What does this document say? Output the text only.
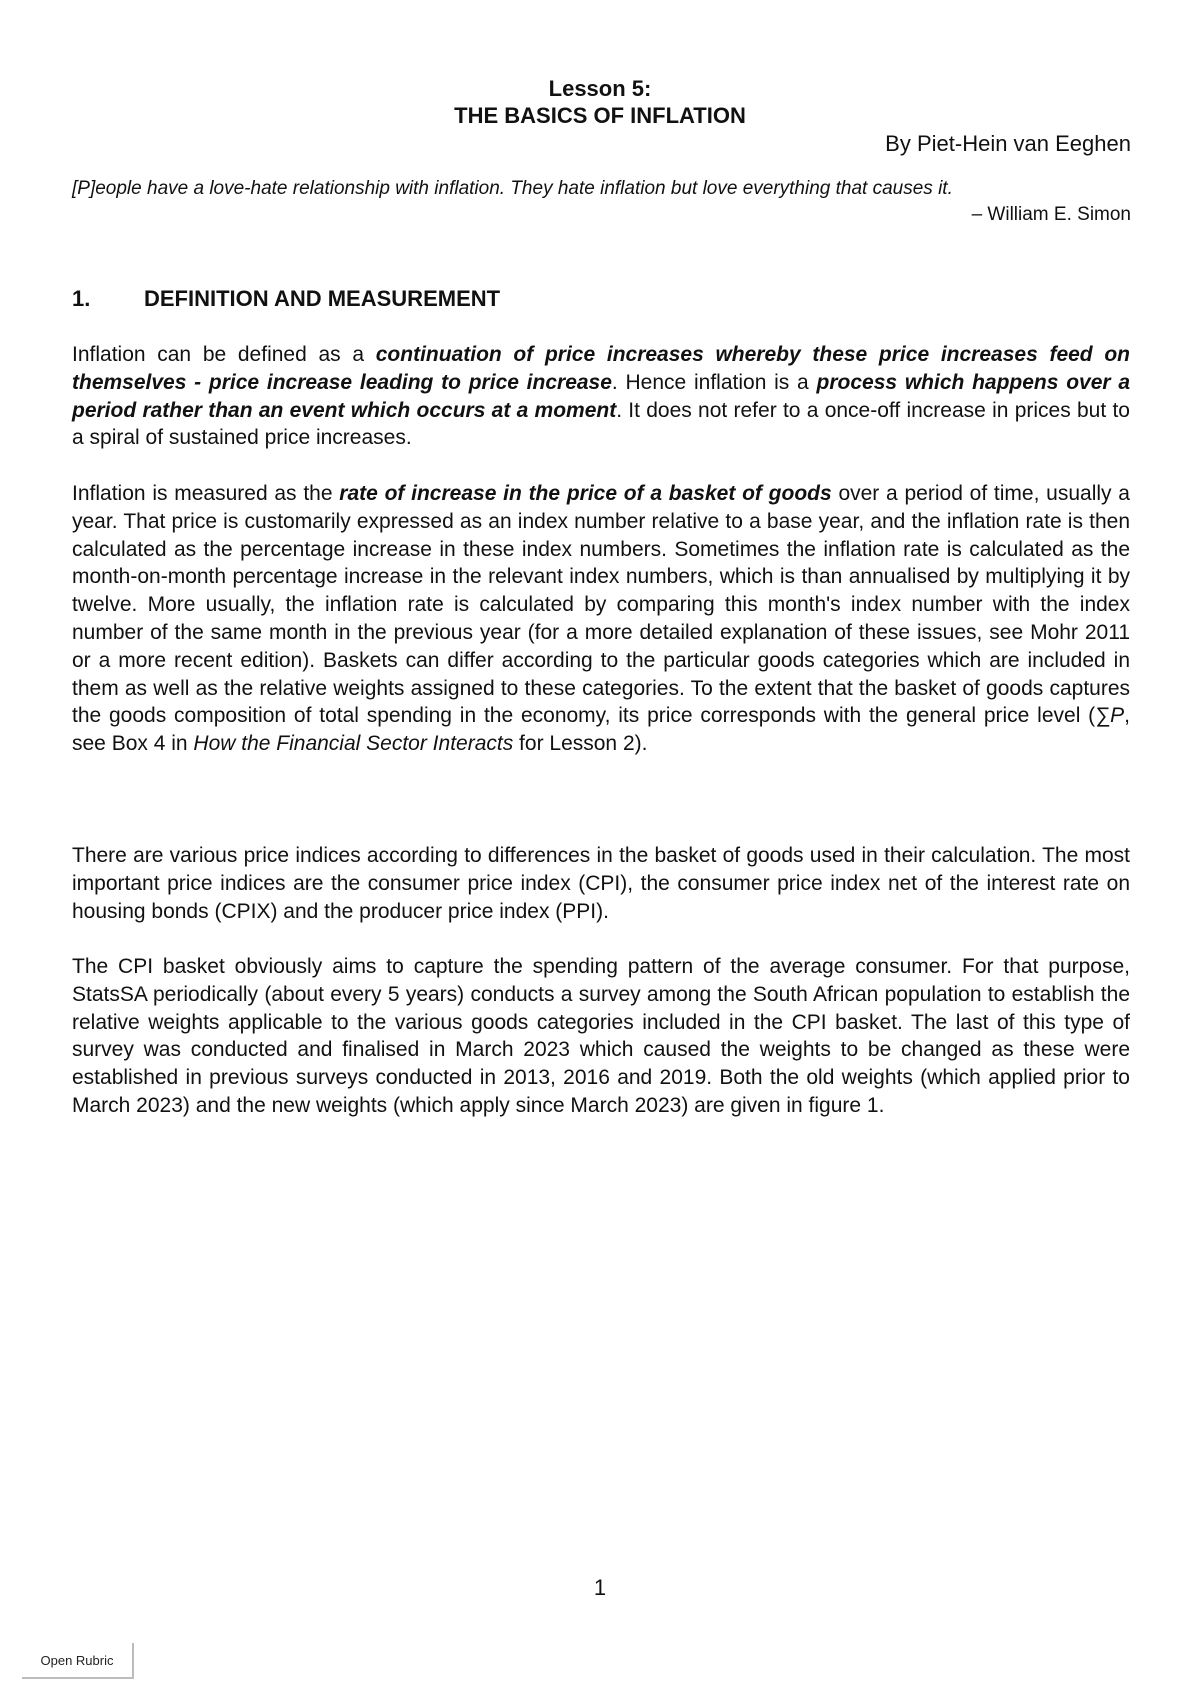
Lesson 5:
THE BASICS OF INFLATION
By Piet-Hein van Eeghen
[P]eople have a love-hate relationship with inflation. They hate inflation but love everything that causes it.
– William E. Simon
1. DEFINITION AND MEASUREMENT
Inflation can be defined as a continuation of price increases whereby these price increases feed on themselves - price increase leading to price increase. Hence inflation is a process which happens over a period rather than an event which occurs at a moment. It does not refer to a once-off increase in prices but to a spiral of sustained price increases.
Inflation is measured as the rate of increase in the price of a basket of goods over a period of time, usually a year. That price is customarily expressed as an index number relative to a base year, and the inflation rate is then calculated as the percentage increase in these index numbers. Sometimes the inflation rate is calculated as the month-on-month percentage increase in the relevant index numbers, which is than annualised by multiplying it by twelve. More usually, the inflation rate is calculated by comparing this month's index number with the index number of the same month in the previous year (for a more detailed explanation of these issues, see Mohr 2011 or a more recent edition). Baskets can differ according to the particular goods categories which are included in them as well as the relative weights assigned to these categories. To the extent that the basket of goods captures the goods composition of total spending in the economy, its price corresponds with the general price level (∑P, see Box 4 in How the Financial Sector Interacts for Lesson 2).
There are various price indices according to differences in the basket of goods used in their calculation. The most important price indices are the consumer price index (CPI), the consumer price index net of the interest rate on housing bonds (CPIX) and the producer price index (PPI).
The CPI basket obviously aims to capture the spending pattern of the average consumer. For that purpose, StatsSA periodically (about every 5 years) conducts a survey among the South African population to establish the relative weights applicable to the various goods categories included in the CPI basket. The last of this type of survey was conducted and finalised in March 2023 which caused the weights to be changed as these were established in previous surveys conducted in 2013, 2016 and 2019. Both the old weights (which applied prior to March 2023) and the new weights (which apply since March 2023) are given in figure 1.
1
Open Rubric
